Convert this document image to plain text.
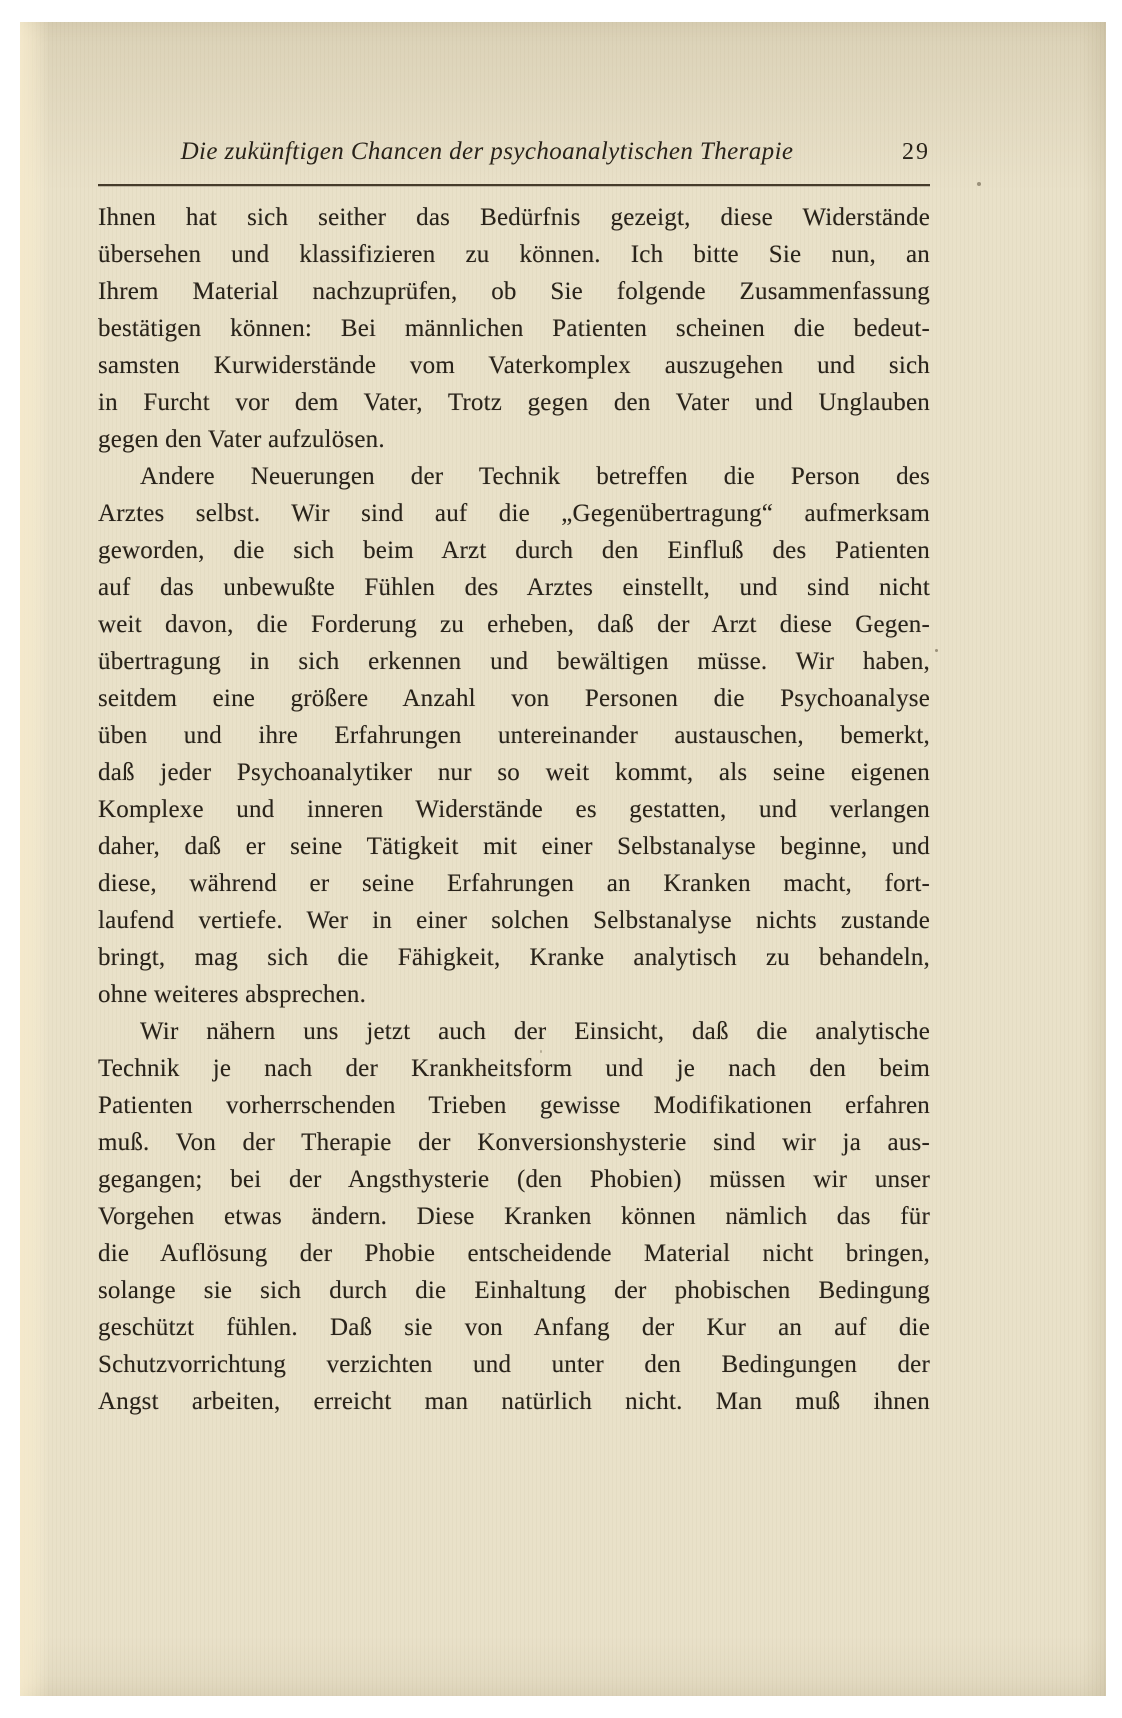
Die zukünftigen Chancen der psychoanalytischen Therapie	29
Ihnen hat sich seither das Bedürfnis gezeigt, diese Widerstände
übersehen und klassifizieren zu können. Ich bitte Sie nun, an
Ihrem Material nachzuprüfen, ob Sie folgende Zusammenfassung
bestätigen können: Bei männlichen Patienten scheinen die bedeut-
samsten Kurwiderstände vom Vaterkomplex auszugehen und sich
in Furcht vor dem Vater, Trotz gegen den Vater und Unglauben
gegen den Vater aufzulösen.
Andere Neuerungen der Technik betreffen die Person des
Arztes selbst. Wir sind auf die „Gegenübertragung“ aufmerksam
geworden, die sich beim Arzt durch den Einfluß des Patienten
auf das unbewußte Fühlen des Arztes einstellt, und sind nicht
weit davon, die Forderung zu erheben, daß der Arzt diese Gegen-
übertragung in sich erkennen und bewältigen müsse. Wir haben,
seitdem eine größere Anzahl von Personen die Psychoanalyse
üben und ihre Erfahrungen untereinander austauschen, bemerkt,
daß jeder Psychoanalytiker nur so weit kommt, als seine eigenen
Komplexe und inneren Widerstände es gestatten, und verlangen
daher, daß er seine Tätigkeit mit einer Selbstanalyse beginne, und
diese, während er seine Erfahrungen an Kranken macht, fort-
laufend vertiefe. Wer in einer solchen Selbstanalyse nichts zustande
bringt, mag sich die Fähigkeit, Kranke analytisch zu behandeln,
ohne weiteres absprechen.
Wir nähern uns jetzt auch der Einsicht, daß die analytische
Technik je nach der Krankheitsform und je nach den beim
Patienten vorherrschenden Trieben gewisse Modifikationen erfahren
muß. Von der Therapie der Konversionshysterie sind wir ja aus-
gegangen; bei der Angsthysterie (den Phobien) müssen wir unser
Vorgehen etwas ändern. Diese Kranken können nämlich das für
die Auflösung der Phobie entscheidende Material nicht bringen,
solange sie sich durch die Einhaltung der phobischen Bedingung
geschützt fühlen. Daß sie von Anfang der Kur an auf die
Schutzvorrichtung verzichten und unter den Bedingungen der
Angst arbeiten, erreicht man natürlich nicht. Man muß ihnen
